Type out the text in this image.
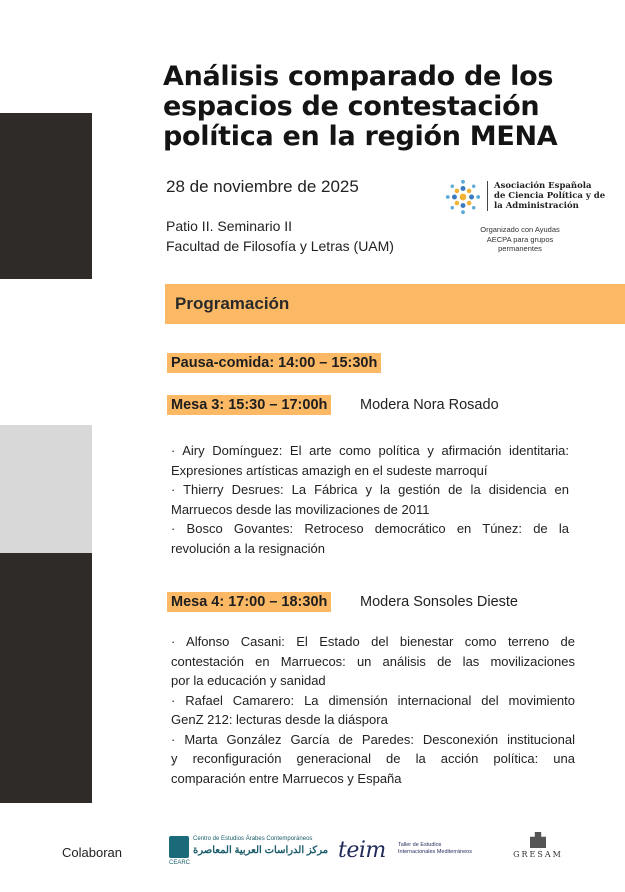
Análisis comparado de los
espacios de contestación
política en la región MENA
28 de noviembre de 2025
Patio II. Seminario II
Facultad de Filosofía y Letras (UAM)
Asociación Española
de Ciencia Política y de
la Administración
Organizado con Ayudas
AECPA para grupos
permanentes
Programación
Pausa-comida: 14:00 – 15:30h
Mesa 3: 15:30 – 17:00h Modera Nora Rosado
· Airy Domínguez: El arte como política y afirmación identitaria:
Expresiones artísticas amazigh en el sudeste marroquí
· Thierry Desrues: La Fábrica y la gestión de la disidencia en
Marruecos desde las movilizaciones de 2011
· Bosco Govantes: Retroceso democrático en Túnez: de la
revolución a la resignación
Mesa 4: 17:00 – 18:30h Modera Sonsoles Dieste
· Alfonso Casani: El Estado del bienestar como terreno de
contestación en Marruecos: un análisis de las movilizaciones
por la educación y sanidad
· Rafael Camarero: La dimensión internacional del movimiento
GenZ 212: lecturas desde la diáspora
· Marta González García de Paredes: Desconexión institucional
y reconfiguración generacional de la acción política: una
comparación entre Marruecos y España
Colaboran
Centro de Estudios Árabes Contemporáneos
مركز الدراسات العربية المعاصرة
CEARC	teim Taller de Estudios
Internacionales Mediterráneos	GRESAM
